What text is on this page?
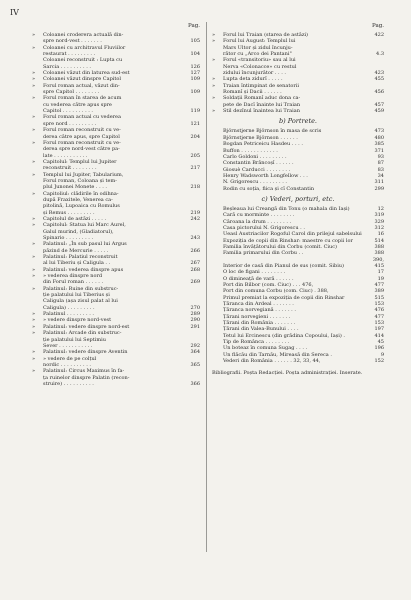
IV
Pag.
»	Coloanei croderera actuală din-
spre nord-vest . . . . . . .	105
»	Coloanei cu architravul Fluviilor
restaurat . . . . . . . . .	104
Coloanei reconstruit : Lupta cu
Sarcia . . . . . . . . . .	126
»	Coloanei văzut din laturea sud-est	127
»	Coloanei văzut dinspre Capitol	109
»	Forul roman actual, văzut din-
spre Capitol . . . . . . . .	109
»	Forul roman în starea de acum
cu vederea către apus spre
Capitol . . . . . . . . . .	119
»	Forul roman actual cu vederea
spre nord . . . . . . . . .	121
»	Forul roman reconstruit cu ve-
derea către apus, spre Capitol	204
»	Forul roman reconstruit cu ve-
derea spre nord-vest către pa-
late . . . . . . . . . . .	205
»	Capitolul: Templul lui Jupiter
reconstruit . . . . . . . .	217
»	Templul lui Jupiter, Tabularium,
Forul roman, Coloana și tem-
plul Junonei Monete . . . .	218
»	Capitoliul: clădirile în odihna-
după Fraxitele, Venerea ca-
pitolină, Lupoaica cu Romulus
și Remus . . . . . . . . .	219
»	Capitolul de astăzi . . . . .	242
»	Capitolul: Statua lui Marc Aurel,
Galul murind, (Gladiatorul),
Spinario . . . . . . . . .	243
»	Palatinul: „În sub pasul lui Argus
păzind de Mercurie . . . . .	266
»	Palatinul: Palatiul reconstruit
al lui Tiberiu și Caligula . .	267
»	Palatinul: vederea dinspre apus	268
»	» vederea dinspre nord
din Forul roman . . . . . .	269
»	Palatinul: Ruine din substruc-
ție palatului lui Tiberius și
Caligula (așa zisul palat al lui
Caligula) . . . . . . . . .	270
»	Palatinul . . . . . . . . .	289
»	» vedere dinspre nord-vest	290
»	Palatinul: vedere dinspre nord-est	291
»	Palatinul: Arcade din substruc-
ție palatului lui Septimiu
Sever . . . . . . . . . . .	292
»	Palatinul: vedere dinspre Aventin	364
»	» vedere de pe colțul
nordic . . . . . . . . . .	365
»	Palatinul: Circus Maximus în fa-
ța ruinelor dinspre Palatin (recon-
struire) . . . . . . . . . .	366
Pag.
»	Forul lui Traian (starea de astăzi)	422
»	Forul lui August: Templul lui
Mars Ultor și zidul încunju-
rător cu „Arco dei Pantani"	4.3
»	Forul «transitoriu» sau al lui
Nerva «Colonacce» cu restul
zidului încunjurător . . . .	423
»	Lupta deta zidurî . . . . .	455
»	Traian întimpinat de senatorii
Romanî și Dacii . . . . . .	456
»	Soldații Romanî aduc dona ca-
pete de Dacî înainte lui Traian	457
»	Stil dezînul înaintea lui Traian	459
b) Portrete.
Björnstjerne Björnson în masa de scris	473
Björnstjerne Björnson . . . . . .	480
Bogdan Petriceicu Hasdeu . . . .	385
Buffon . . . . . . . . . . . .	371
Carlo Goldoni . . . . . . . . .	93
Constantin Brâncoșî . . . . . .	87
Giosuè Carducci . . . . . . . .	83
Henry Wadsworth Longfellow . . .	34
N. Grigorescu . . . . . . . . .	311
Rodin cu soția, fiica și cî Constantin	299
c) Vederi, porturi, etc.
Beșleaua lui Creangă din Tonu (o mahala din Iași)	12
Cară cu morminte . . . . . . . .	319
Căroana la drum . . . . . . . .	329
Casa pictorului N. Grigorescu . .	312
Ueasl Austriacilor Rogoful Carol din prilejul sabelsului	16
Expoziția de copii din Rinshar: maestre cu copii lor	514
Familia învățătorului din Corbu (comit. Ciuc)	388
Familia primarului din Corbu . .	388
Interior de casă din Pianul de sus (comit. Sibiu)
390, 415
O loc de figani . . . . . . . .	17
O dimineață de vară . . . . . .	19
Port din Bilbor (com. Ciuc) . . . 476,	477
Port din comuna Corbu (com. Ciuc) . 388,	389
Primul premiat la expoziția de copii din Rinshar	515
Țăranca din Ardeal . . . . . . .	153
Țăranca norvegiană . . . . . . .	476
Țărani norvegieni . . . . . . .	477
Țărani din România . . . . . . .	153
Țărani din Valea-Bunului . . . .	197
Tetul lui Ercinescu (din grădina Copoului, Iași) .	414
Tip de Românca . . . . . . . .	45
Un boteaz în comuna Sugag . . . .	196
Un flăcău din Tarnău, Mireasă din Sereca .	9
Vederi din România . . . . . . 32, 33, 44,	152
Bibliografii. Poșta Redacției. Poșta administrației. Inserate.
